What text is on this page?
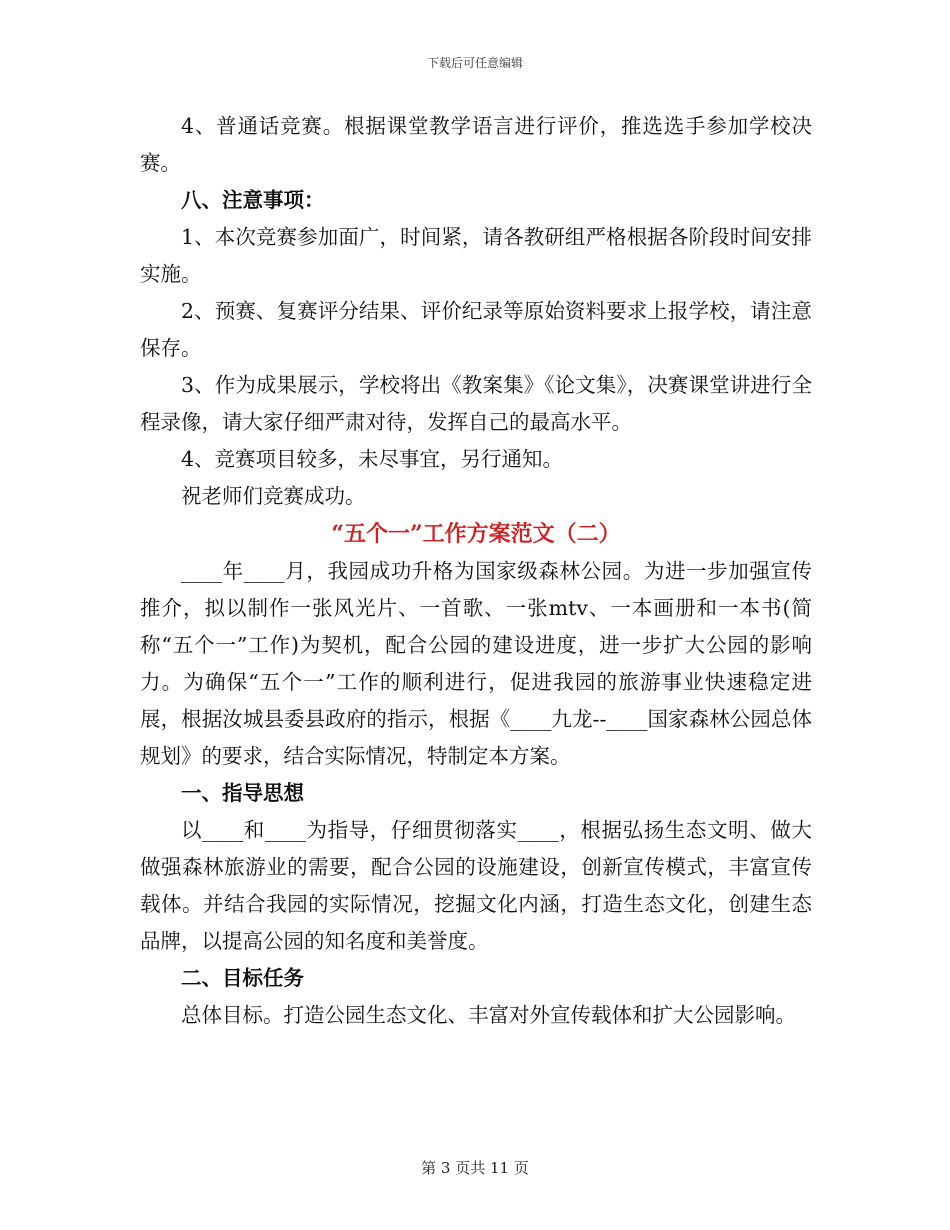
下载后可任意编辑

4、普通话竞赛。根据课堂教学语言进行评价，推选选手参加学校决赛。

八、注意事项：

1、本次竞赛参加面广，时间紧，请各教研组严格根据各阶段时间安排实施。

2、预赛、复赛评分结果、评价纪录等原始资料要求上报学校，请注意保存。

3、作为成果展示，学校将出《教案集》《论文集》，决赛课堂讲进行全程录像，请大家仔细严肃对待，发挥自己的最高水平。

4、竞赛项目较多，未尽事宜，另行通知。

祝老师们竞赛成功。

“五个一”工作方案范文（二）

____年____月，我园成功升格为国家级森林公园。为进一步加强宣传推介，拟以制作一张风光片、一首歌、一张mtv、一本画册和一本书(简称“五个一”工作)为契机，配合公园的建设进度，进一步扩大公园的影响力。为确保“五个一”工作的顺利进行，促进我园的旅游事业快速稳定进展，根据汝城县委县政府的指示，根据《____九龙--____国家森林公园总体规划》的要求，结合实际情况，特制定本方案。

一、指导思想

以____和____为指导，仔细贯彻落实____，根据弘扬生态文明、做大做强森林旅游业的需要，配合公园的设施建设，创新宣传模式，丰富宣传载体。并结合我园的实际情况，挖掘文化内涵，打造生态文化，创建生态品牌，以提高公园的知名度和美誉度。

二、目标任务

总体目标。打造公园生态文化、丰富对外宣传载体和扩大公园影响。

第 3 页共 11 页
